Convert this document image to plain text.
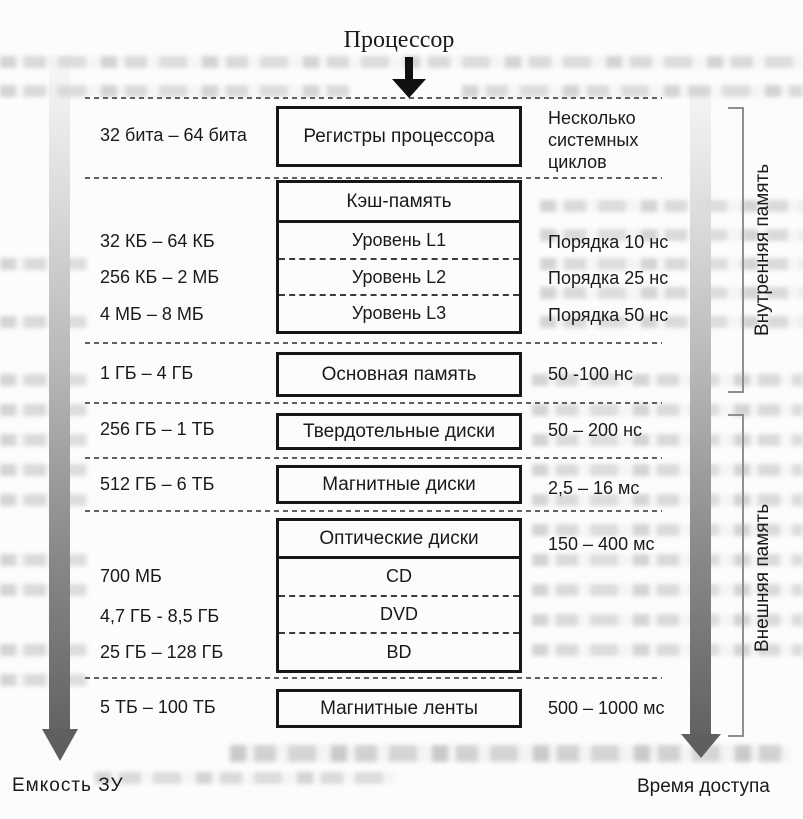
Процессор
Емкость ЗУ	Время доступа
32 бита – 64 бита
32 КБ – 64 КБ
256 КБ – 2 МБ
4 МБ – 8 МБ
1 ГБ – 4 ГБ
256 ГБ – 1 ТБ
512 ГБ – 6 ТБ
700 МБ
4,7 ГБ - 8,5 ГБ
25 ГБ – 128 ГБ
5 ТБ – 100 ТБ
Регистры процессора
Кэш-память
Уровень L1
Уровень L2
Уровень L3
Основная память
Твердотельные диски
Магнитные диски
Оптические диски
CD
DVD
BD
Магнитные ленты
Несколько системных циклов
Порядка 10 нс
Порядка 25 нс
Порядка 50 нс
50 -100 нс
50 – 200 нс
2,5 – 16 мс
150 – 400 мс
500 – 1000 мс
Внутренняя память
Внешняя память
